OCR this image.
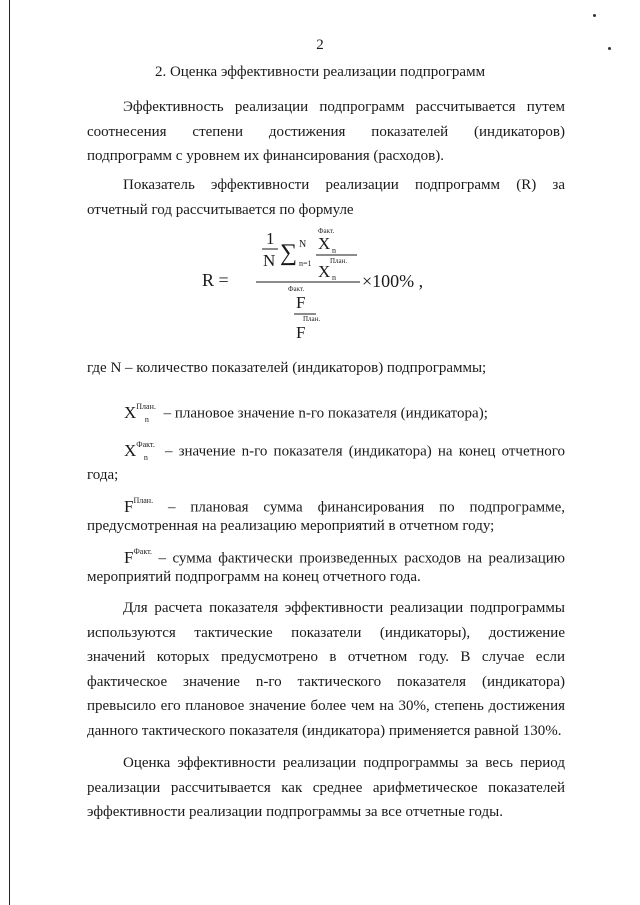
2
2. Оценка эффективности реализации подпрограмм

Эффективность реализации подпрограмм рассчитывается путем соотнесения степени достижения показателей (индикаторов) подпрограмм с уровнем их финансирования (расходов).

Показатель эффективности реализации подпрограмм (R) за отчетный год рассчитывается по формуле

R =
1
N ∑ N
n=1
Факт.
X n
План.
X n ×100% ,
Факт.
F
План.
F
где N – количество показателей (индикаторов) подпрограммы;
$X^{План.}_n$ – плановое значение n-го показателя (индикатора);
$X^{Факт.}_n$ – значение n-го показателя (индикатора) на конец отчетного
года;
$F^{План.}$ – плановая сумма финансирования по подпрограмме,
предусмотренная на реализацию мероприятий в отчетном году;
$F^{Факт.}$ – сумма фактически произведенных расходов на реализацию
мероприятий подпрограмм на конец отчетного года.

Для расчета показателя эффективности реализации подпрограммы используются тактические показатели (индикаторы), достижение значений которых предусмотрено в отчетном году. В случае если фактическое значение n-го тактического показателя (индикатора) превысило его плановое значение более чем на 30%, степень достижения данного тактического показателя (индикатора) применяется равной 130%.

Оценка эффективности реализации подпрограммы за весь период реализации рассчитывается как среднее арифметическое показателей эффективности реализации подпрограммы за все отчетные годы.
